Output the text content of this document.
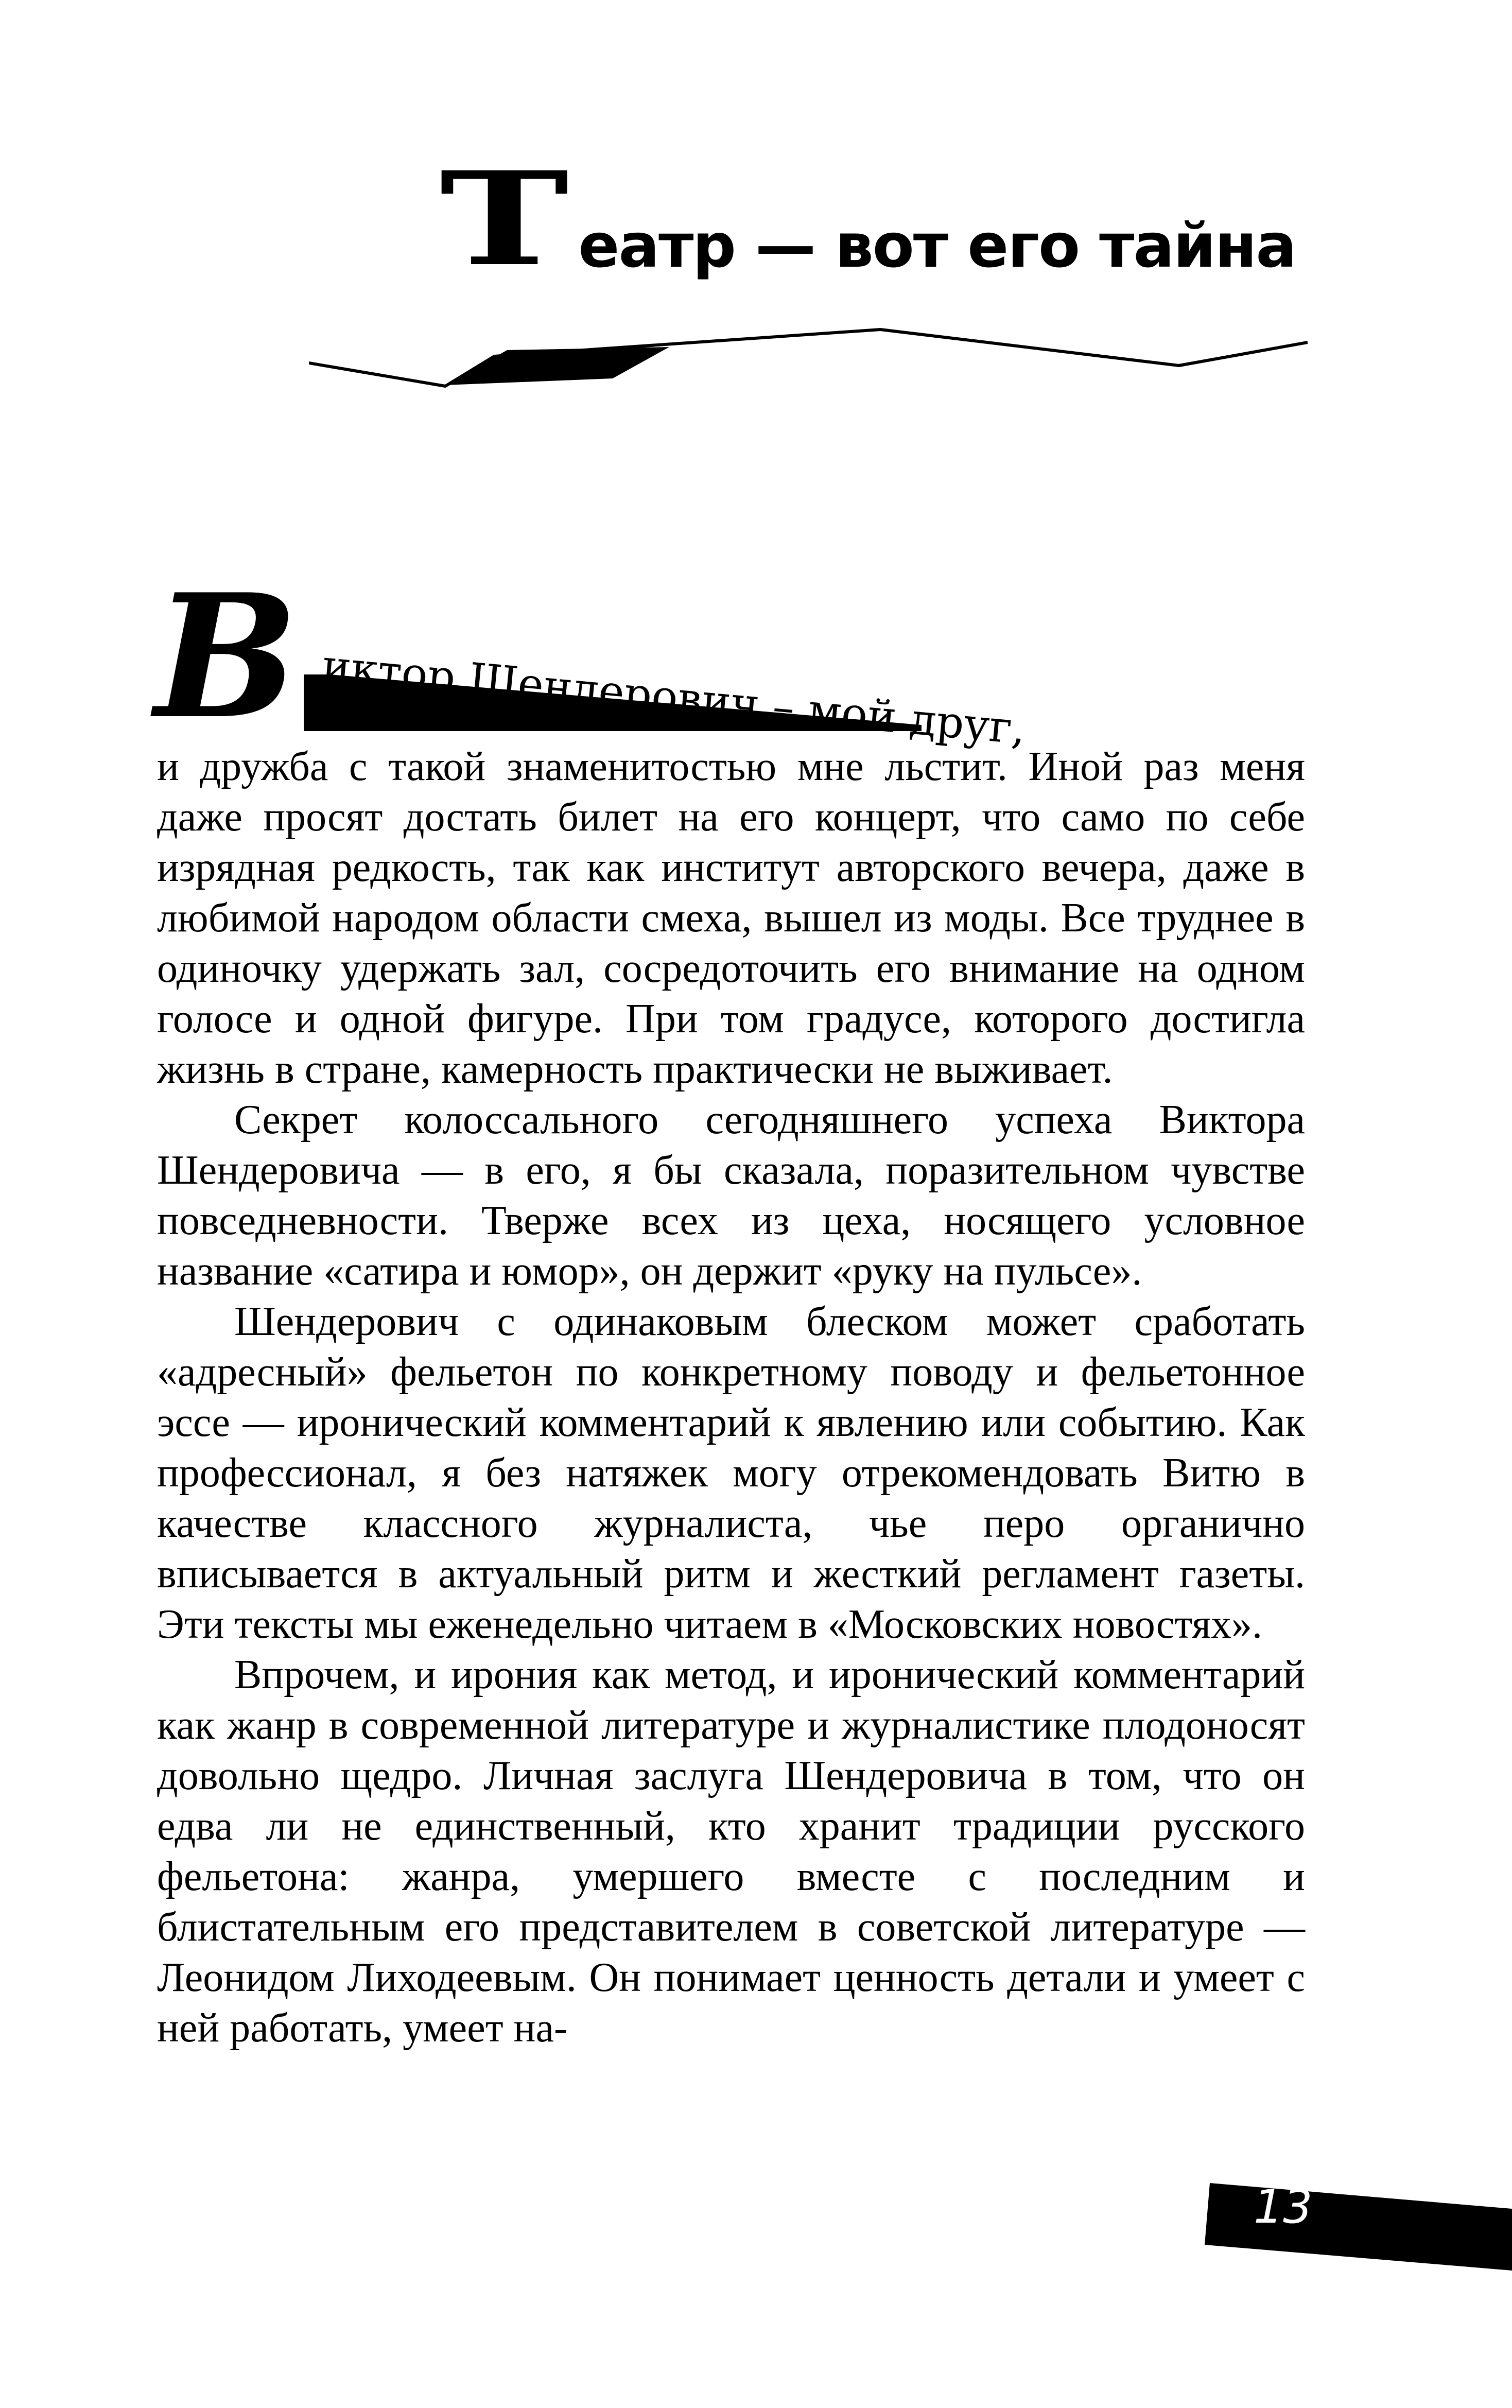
Т еатр — вот его тайна
В иктор Шендерович – мой друг,

и дружба с такой знаменитостью мне льстит. Иной раз меня даже просят достать билет на его концерт, что само по себе изрядная редкость, так как институт авторского вечера, даже в любимой народом области смеха, вышел из моды. Все труднее в одиночку удержать зал, сосредоточить его внимание на одном голосе и одной фигуре. При том градусе, которого достигла жизнь в стране, камерность практически не выживает.

Секрет колоссального сегодняшнего успеха Виктора Шендеровича — в его, я бы сказала, поразительном чувстве повседневности. Тверже всех из цеха, носящего условное название «сатира и юмор», он держит «руку на пульсе».

Шендерович с одинаковым блеском может сработать «адресный» фельетон по конкретному поводу и фельетонное эссе — иронический комментарий к явлению или событию. Как профессионал, я без натяжек могу отрекомендовать Витю в качестве классного журналиста, чье перо органично вписывается в актуальный ритм и жесткий регламент газеты. Эти тексты мы еженедельно читаем в «Московских новостях».

Впрочем, и ирония как метод, и иронический комментарий как жанр в современной литературе и журналистике плодоносят довольно щедро. Личная заслуга Шендеровича в том, что он едва ли не единственный, кто хранит традиции русского фельетона: жанра, умершего вместе с последним и блистательным его представителем в советской литературе — Леонидом Лиходеевым. Он понимает ценность детали и умеет с ней работать, умеет на-

13
